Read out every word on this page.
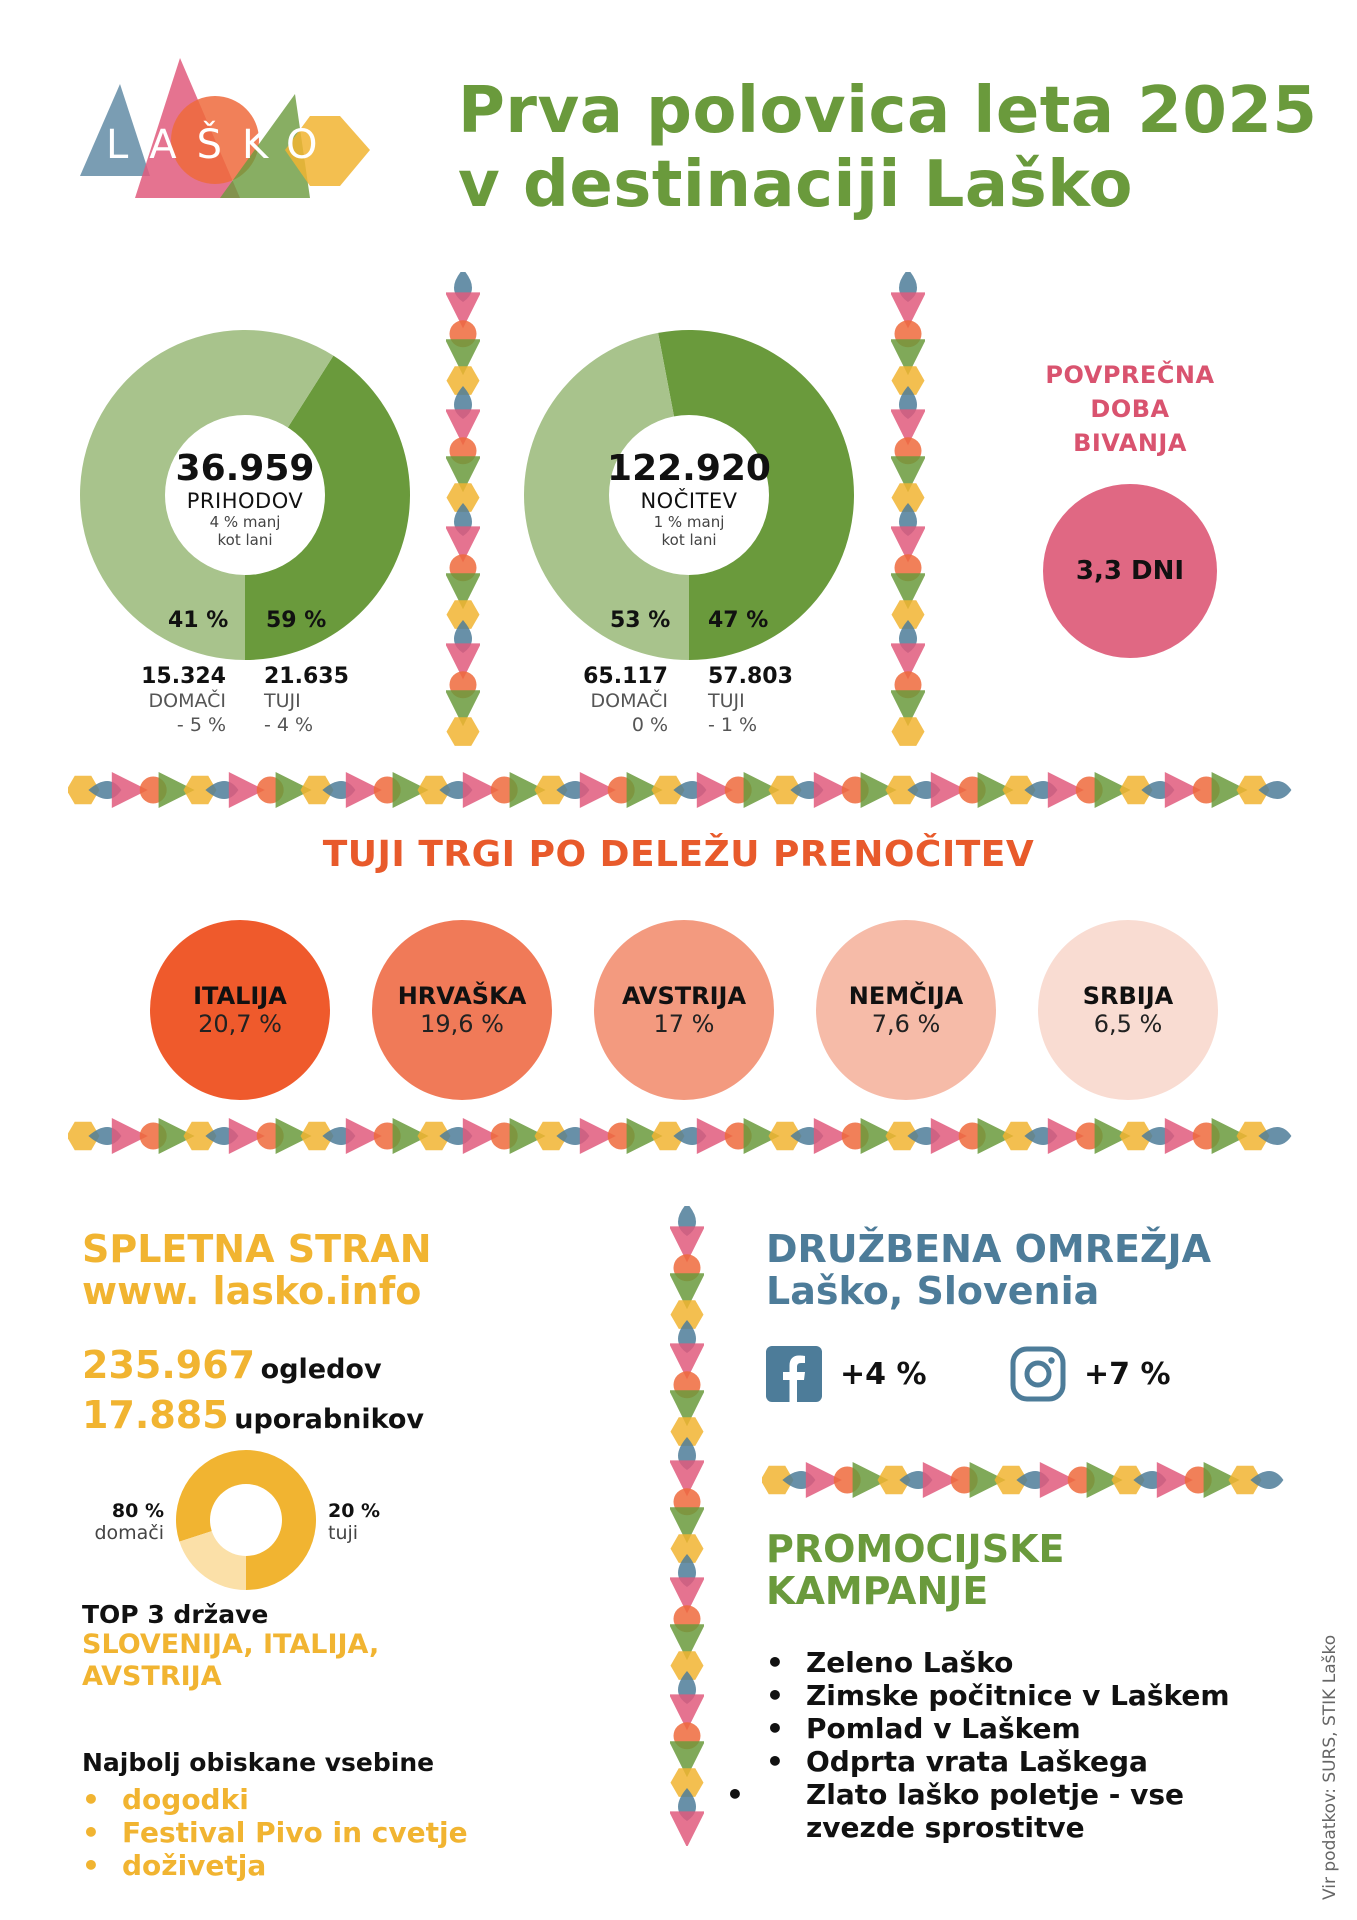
LAŠKO	Prva polovica leta 2025
v destinaciji Laško
36.959
PRIHODOV
4 % manj
kot lani
41 % 59 %
15.324
DOMAČI
- 5 %
21.635
TUJI
- 4 %
122.920
NOČITEV
1 % manj
kot lani
53 % 47 %
65.117
DOMAČI
0 %
57.803
TUJI
- 1 %
POVPREČNA
DOBA
BIVANJA
3,3 DNI
TUJI TRGI PO DELEŽU PRENOČITEV
ITALIJA
20,7 %
HRVAŠKA
19,6 %
AVSTRIJA
17 %
NEMČIJA
7,6 %
SRBIJA
6,5 %
SPLETNA STRAN
www. lasko.info
235.967 ogledov
17.885 uporabnikov
80 %
domači
20 %
tuji
TOP 3 države
SLOVENIJA, ITALIJA,
AVSTRIJA
Najbolj obiskane vsebine
• dogodki
• Festival Pivo in cvetje
• doživetja
DRUŽBENA OMREŽJA
Laško, Slovenia
+4 %	+7 %
PROMOCIJSKE
KAMPANJE
• Zeleno Laško
• Zimske počitnice v Laškem
• Pomlad v Laškem
• Odprta vrata Laškega
• Zlato laško poletje - vse zvezde sprostitve	Vir podatkov: SURS, STIK Laško
